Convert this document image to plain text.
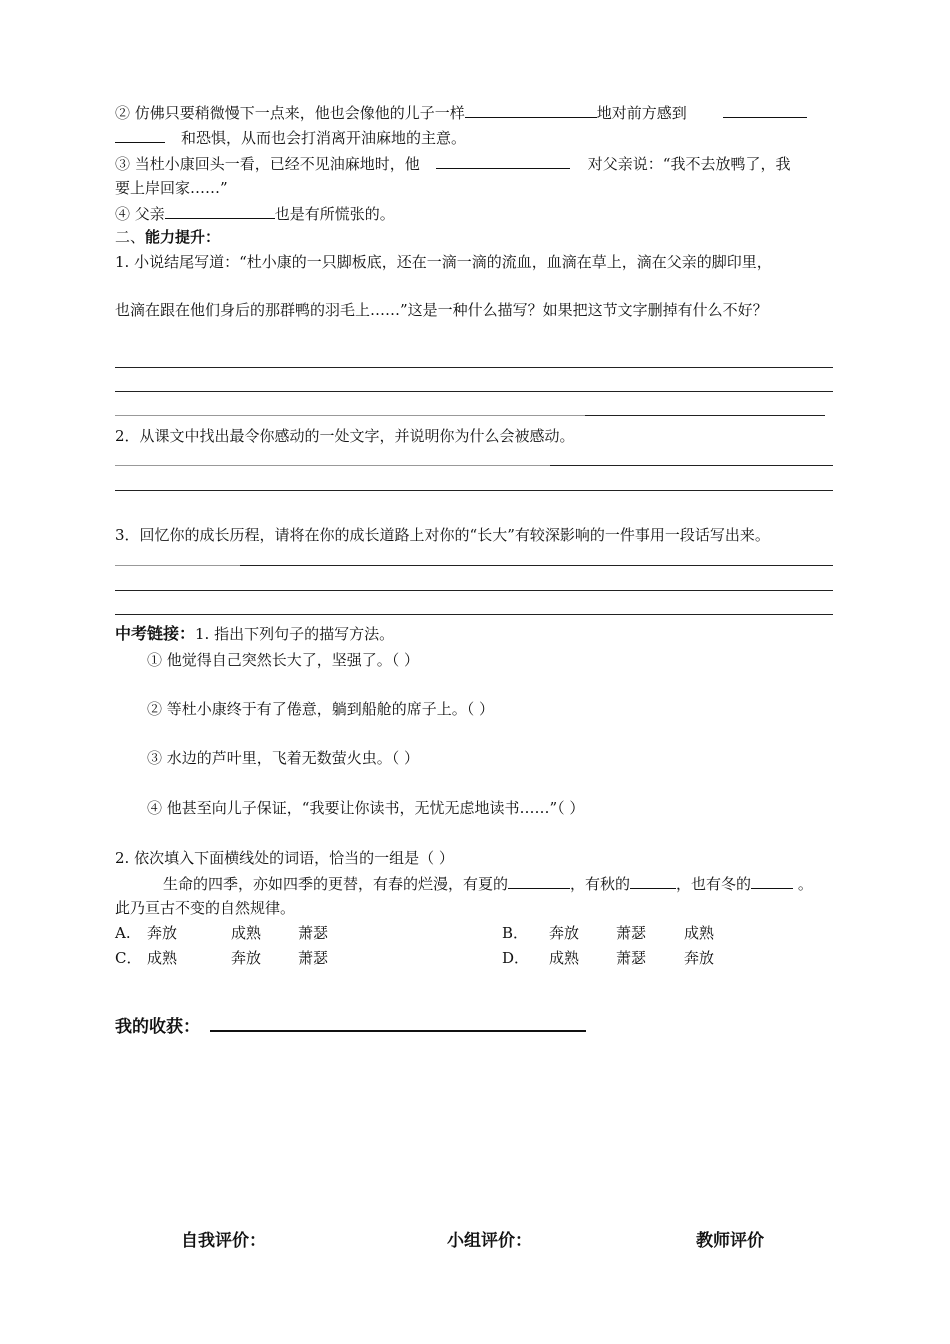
② 仿佛只要稍微慢下一点来，他也会像他的儿子一样	地对前方感到
和恐惧，从而也会打消离开油麻地的主意。
③ 当杜小康回头一看，已经不见油麻地时，他	对父亲说：“我不去放鸭了，我
要上岸回家……”
④ 父亲	也是有所慌张的。
二、能力提升：
1. 小说结尾写道：“杜小康的一只脚板底，还在一滴一滴的流血，血滴在草上，滴在父亲的脚印里，
也滴在跟在他们身后的那群鸭的羽毛上……”这是一种什么描写？如果把这节文字删掉有什么不好？
2．从课文中找出最令你感动的一处文字，并说明你为什么会被感动。
3．回忆你的成长历程，请将在你的成长道路上对你的“长大”有较深影响的一件事用一段话写出来。
中考链接：1. 指出下列句子的描写方法。
① 他觉得自己突然长大了，坚强了。（ ）
② 等杜小康终于有了倦意，躺到船舱的席子上。（ ）
③ 水边的芦叶里，飞着无数萤火虫。（ ）
④ 他甚至向儿子保证，“我要让你读书，无忧无虑地读书……”（ ）
2. 依次填入下面横线处的词语，恰当的一组是（ ）
生命的四季，亦如四季的更替，有春的烂漫，有夏的	，有秋的	，也有冬的	。
此乃亘古不变的自然规律。
A. 奔放	成熟 萧瑟	B． 奔放 萧瑟	成熟
C． 成熟	奔放 萧瑟	D． 成熟 萧瑟	奔放
我的收获：
自我评价：	小组评价：	教师评价
